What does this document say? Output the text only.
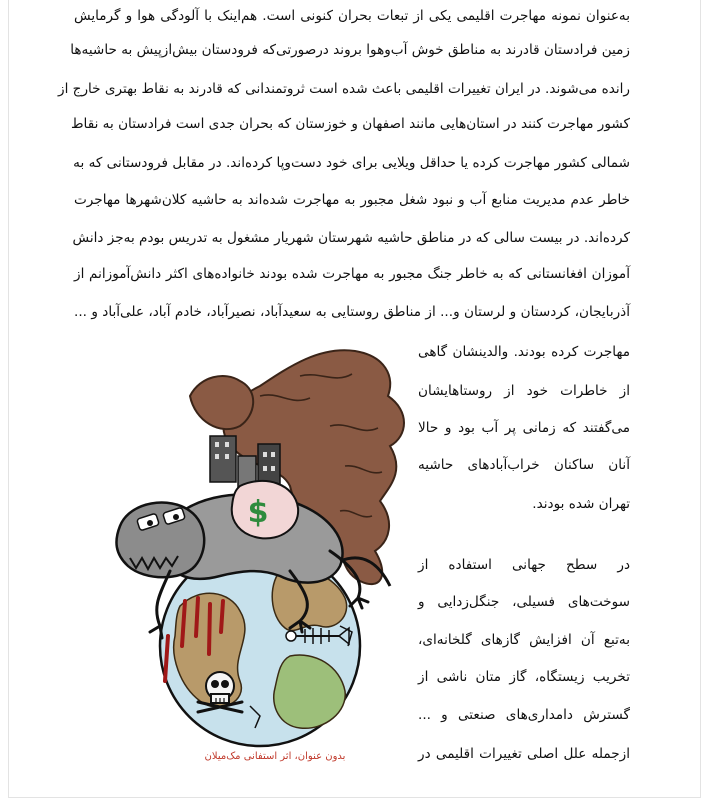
به‌عنوان نمونه مهاجرت اقلیمی یکی از تبعات بحران کنونی است. هم‌اینک با آلودگی هوا و گرمایش
زمین فرادستان قادرند به مناطق خوش آب‌وهوا بروند درصورتی‌که فرودستان بیش‌ازپیش به حاشیه‌ها
رانده می‌شوند. در ایران تغییرات اقلیمی باعث شده است ثروتمندانی که قادرند به نقاط بهتری خارج از
کشور مهاجرت کنند در استان‌هایی مانند اصفهان و خوزستان که بحران جدی است فرادستان به نقاط
شمالی کشور مهاجرت کرده یا حداقل ویلایی برای خود دست‌وپا کرده‌اند. در مقابل فرودستانی که به
خاطر عدم مدیریت منابع آب و نبود شغل مجبور به مهاجرت شده‌اند به حاشیه کلان‌شهرها مهاجرت
کرده‌اند. در بیست سالی که در مناطق حاشیه شهرستان شهریار مشغول به تدریس بودم به‌جز دانش
آموزان افغانستانی که به خاطر جنگ مجبور به مهاجرت شده بودند خانواده‌های اکثر دانش‌آموزانم از
آذربایجان، کردستان و لرستان و... از مناطق روستایی به سعیدآباد، نصیرآباد، خادم آباد، علی‌آباد و ...
مهاجرت کرده بودند. والدینشان گاهی
از خاطرات خود از روستاهایشان
می‌گفتند که زمانی پر آب بود و حالا
آنان ساکنان خراب‌آبادهای حاشیه
تهران شده بودند.
در سطح جهانی استفاده از
سوخت‌های فسیلی، جنگل‌زدایی و
به‌تبع آن افزایش گازهای گلخانه‌ای،
تخریب زیستگاه، گاز متان ناشی از
گسترش دامداری‌های صنعتی و ...
ازجمله علل اصلی تغییرات اقلیمی در
$
بدون عنوان، اثر استفانی مک‌میلان
